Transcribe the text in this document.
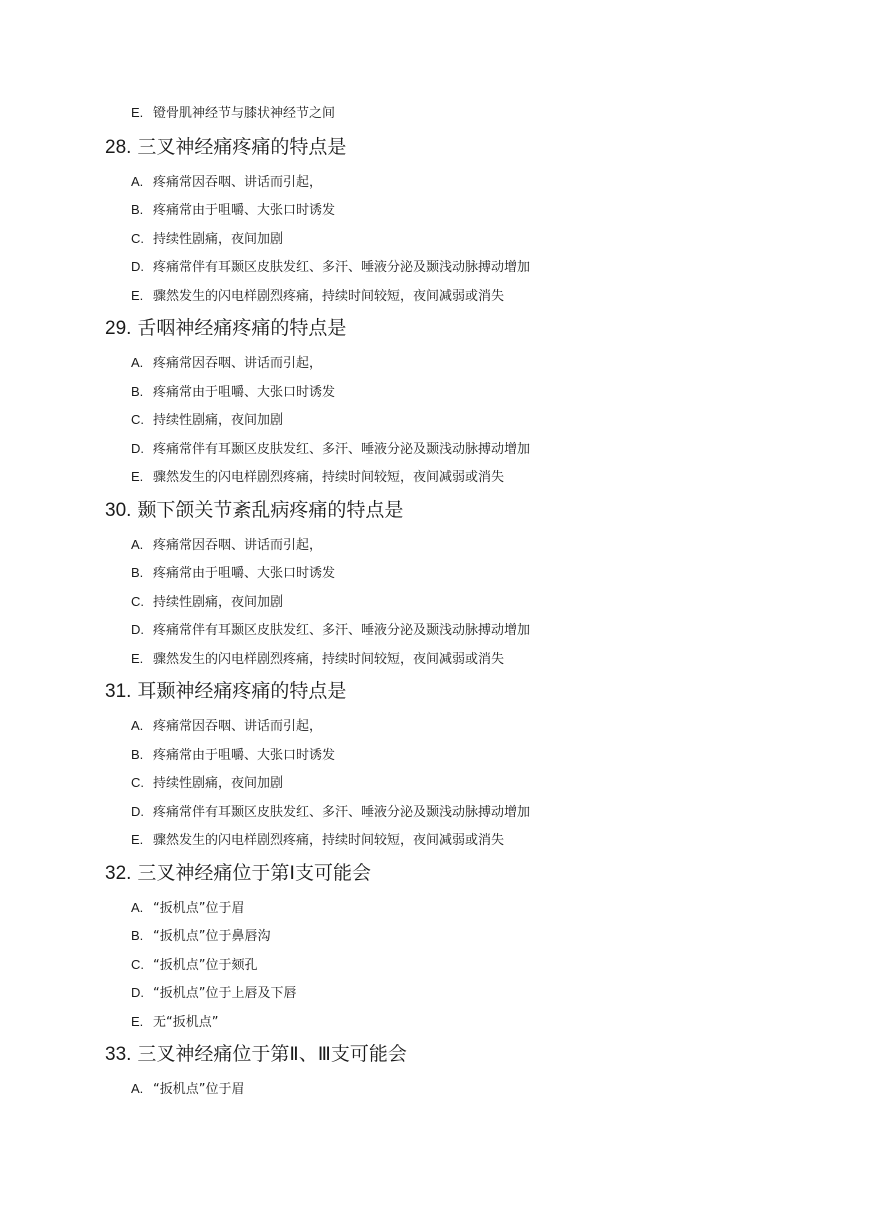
E. 镫骨肌神经节与膝状神经节之间
28. 三叉神经痛疼痛的特点是
A. 疼痛常因吞咽、讲话而引起，
B. 疼痛常由于咀嚼、大张口时诱发
C. 持续性剧痛，夜间加剧
D. 疼痛常伴有耳颞区皮肤发红、多汗、唾液分泌及颞浅动脉搏动增加
E. 骤然发生的闪电样剧烈疼痛，持续时间较短，夜间减弱或消失
29. 舌咽神经痛疼痛的特点是
A. 疼痛常因吞咽、讲话而引起，
B. 疼痛常由于咀嚼、大张口时诱发
C. 持续性剧痛，夜间加剧
D. 疼痛常伴有耳颞区皮肤发红、多汗、唾液分泌及颞浅动脉搏动增加
E. 骤然发生的闪电样剧烈疼痛，持续时间较短，夜间减弱或消失
30. 颞下颌关节紊乱病疼痛的特点是
A. 疼痛常因吞咽、讲话而引起，
B. 疼痛常由于咀嚼、大张口时诱发
C. 持续性剧痛，夜间加剧
D. 疼痛常伴有耳颞区皮肤发红、多汗、唾液分泌及颞浅动脉搏动增加
E. 骤然发生的闪电样剧烈疼痛，持续时间较短，夜间减弱或消失
31. 耳颞神经痛疼痛的特点是
A. 疼痛常因吞咽、讲话而引起，
B. 疼痛常由于咀嚼、大张口时诱发
C. 持续性剧痛，夜间加剧
D. 疼痛常伴有耳颞区皮肤发红、多汗、唾液分泌及颞浅动脉搏动增加
E. 骤然发生的闪电样剧烈疼痛，持续时间较短，夜间减弱或消失
32. 三叉神经痛位于第Ⅰ支可能会
A. “扳机点”位于眉
B. “扳机点”位于鼻唇沟
C. “扳机点”位于颏孔
D. “扳机点”位于上唇及下唇
E. 无“扳机点”
33. 三叉神经痛位于第Ⅱ、Ⅲ支可能会
A. “扳机点”位于眉
